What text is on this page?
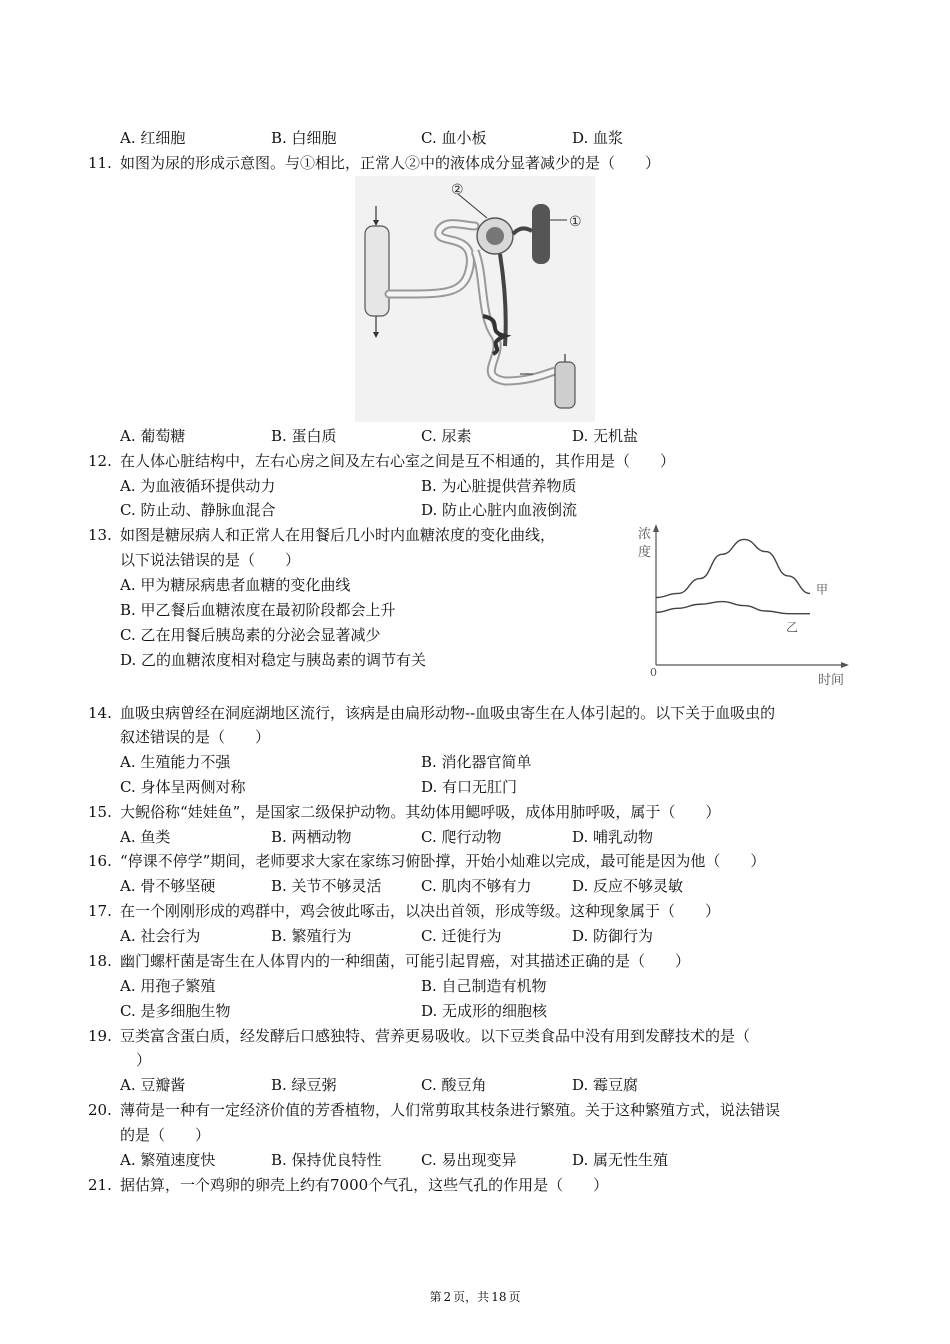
A. 红细胞	B. 白细胞	C. 血小板	D. 血浆
11. 如图为尿的形成示意图。与①相比，正常人②中的液体成分显著减少的是（　　）
②
①
A. 葡萄糖	B. 蛋白质	C. 尿素	D. 无机盐
12. 在人体心脏结构中，左右心房之间及左右心室之间是互不相通的，其作用是（　　）
A. 为血液循环提供动力	B. 为心脏提供营养物质
C. 防止动、静脉血混合	D. 防止心脏内血液倒流
13. 如图是糖尿病人和正常人在用餐后几小时内血糖浓度的变化曲线，
以下说法错误的是（　　）
A. 甲为糖尿病患者血糖的变化曲线
B. 甲乙餐后血糖浓度在最初阶段都会上升
C. 乙在用餐后胰岛素的分泌会显著减少
D. 乙的血糖浓度相对稳定与胰岛素的调节有关
浓
度
0
时间
甲
乙
14. 血吸虫病曾经在洞庭湖地区流行，该病是由扁形动物--血吸虫寄生在人体引起的。以下关于血吸虫的
叙述错误的是（　　）
A. 生殖能力不强	B. 消化器官简单
C. 身体呈两侧对称	D. 有口无肛门
15. 大鲵俗称“娃娃鱼”，是国家二级保护动物。其幼体用鳃呼吸，成体用肺呼吸，属于（　　）
A. 鱼类	B. 两栖动物	C. 爬行动物	D. 哺乳动物
16. “停课不停学”期间，老师要求大家在家练习俯卧撑，开始小灿难以完成，最可能是因为他（　　）
A. 骨不够坚硬	B. 关节不够灵活	C. 肌肉不够有力	D. 反应不够灵敏
17. 在一个刚刚形成的鸡群中，鸡会彼此啄击，以决出首领，形成等级。这种现象属于（　　）
A. 社会行为	B. 繁殖行为	C. 迁徙行为	D. 防御行为
18. 幽门螺杆菌是寄生在人体胃内的一种细菌，可能引起胃癌，对其描述正确的是（　　）
A. 用孢子繁殖	B. 自己制造有机物
C. 是多细胞生物	D. 无成形的细胞核
19. 豆类富含蛋白质，经发酵后口感独特、营养更易吸收。以下豆类食品中没有用到发酵技术的是（
）
A. 豆瓣酱	B. 绿豆粥	C. 酸豆角	D. 霉豆腐
20. 薄荷是一种有一定经济价值的芳香植物，人们常剪取其枝条进行繁殖。关于这种繁殖方式，说法错误
的是（　　）
A. 繁殖速度快	B. 保持优良特性	C. 易出现变异	D. 属无性生殖
21. 据估算，一个鸡卵的卵壳上约有7000个气孔，这些气孔的作用是（　　）
第 2 页，共 18 页
